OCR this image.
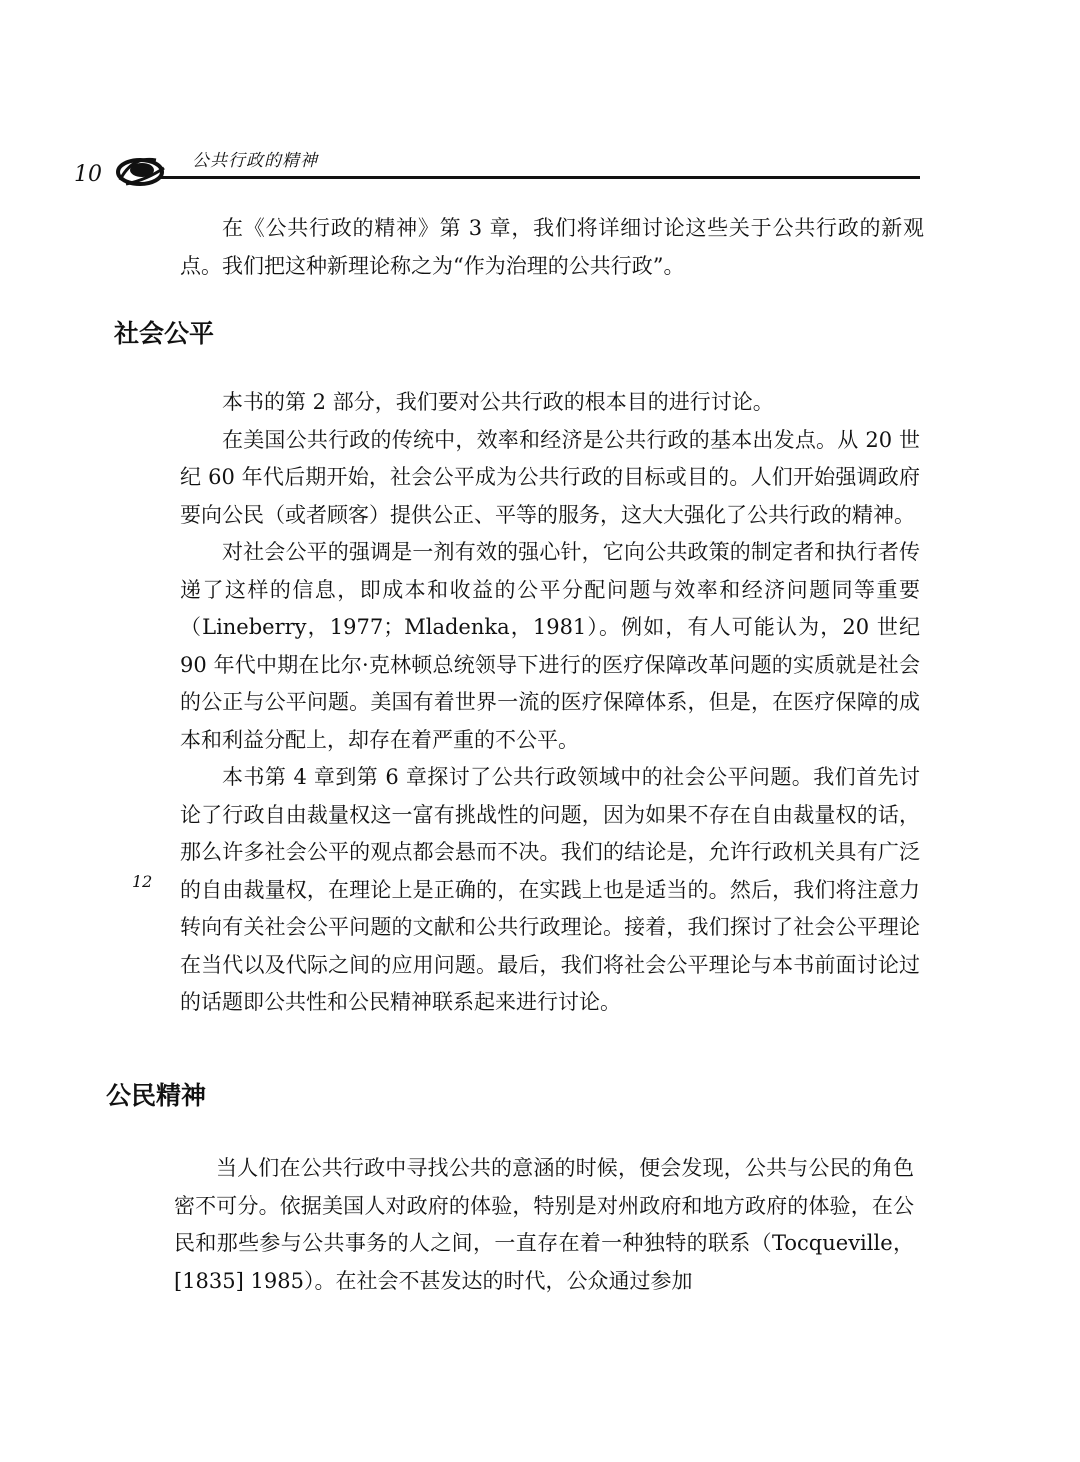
10
公共行政的精神

在《公共行政的精神》第 3 章，我们将详细讨论这些关于公共行政的新观点。我们把这种新理论称之为“作为治理的公共行政”。

社会公平

本书的第 2 部分，我们要对公共行政的根本目的进行讨论。

在美国公共行政的传统中，效率和经济是公共行政的基本出发点。从 20 世纪 60 年代后期开始，社会公平成为公共行政的目标或目的。人们开始强调政府要向公民（或者顾客）提供公正、平等的服务，这大大强化了公共行政的精神。

对社会公平的强调是一剂有效的强心针，它向公共政策的制定者和执行者传递了这样的信息，即成本和收益的公平分配问题与效率和经济问题同等重要（Lineberry，1977；Mladenka，1981）。例如，有人可能认为，20 世纪 90 年代中期在比尔·克林顿总统领导下进行的医疗保障改革问题的实质就是社会的公正与公平问题。美国有着世界一流的医疗保障体系，但是，在医疗保障的成本和利益分配上，却存在着严重的不公平。

本书第 4 章到第 6 章探讨了公共行政领域中的社会公平问题。我们首先讨论了行政自由裁量权这一富有挑战性的问题，因为如果不存在自由裁量权的话，那么许多社会公平的观点都会悬而不决。我们的结论是，允许行政机关具有广泛的自由裁量权，在理论上是正确的，在实践上也是适当的。然后，我们将注意力转向有关社会公平问题的文献和公共行政理论。接着，我们探讨了社会公平理论在当代以及代际之间的应用问题。最后，我们将社会公平理论与本书前面讨论过的话题即公共性和公民精神联系起来进行讨论。

12
公民精神

当人们在公共行政中寻找公共的意涵的时候，便会发现，公共与公民的角色密不可分。依据美国人对政府的体验，特别是对州政府和地方政府的体验，在公民和那些参与公共事务的人之间，一直存在着一种独特的联系（Tocqueville，[1835] 1985）。在社会不甚发达的时代，公众通过参加
